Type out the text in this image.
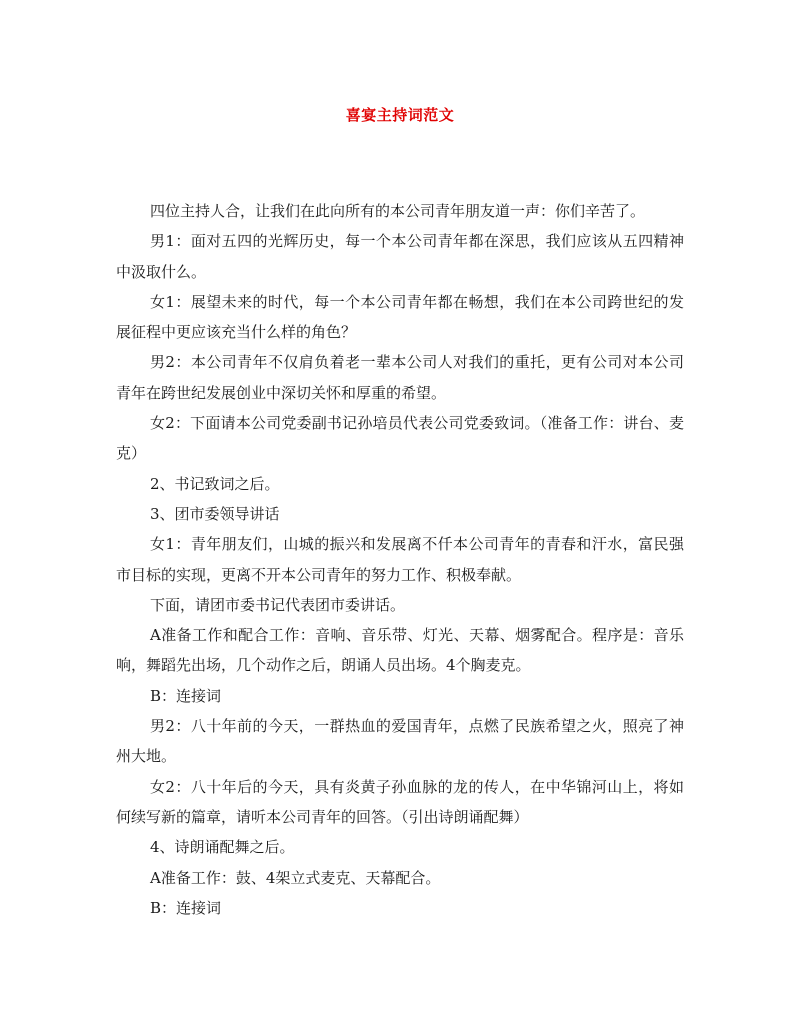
喜宴主持词范文

四位主持人合，让我们在此向所有的本公司青年朋友道一声：你们辛苦了。

男1：面对五四的光辉历史，每一个本公司青年都在深思，我们应该从五四精神中汲取什么。

女1：展望未来的时代，每一个本公司青年都在畅想，我们在本公司跨世纪的发展征程中更应该充当什么样的角色？

男2：本公司青年不仅肩负着老一辈本公司人对我们的重托，更有公司对本公司青年在跨世纪发展创业中深切关怀和厚重的希望。

女2：下面请本公司党委副书记孙培员代表公司党委致词。（准备工作：讲台、麦克）

2、书记致词之后。

3、团市委领导讲话

女1：青年朋友们，山城的振兴和发展离不仟本公司青年的青春和汗水，富民强市目标的实现，更离不开本公司青年的努力工作、积极奉献。

下面，请团市委书记代表团市委讲话。

A准备工作和配合工作：音响、音乐带、灯光、天幕、烟雾配合。程序是：音乐响，舞蹈先出场，几个动作之后，朗诵人员出场。4个胸麦克。

B：连接词

男2：八十年前的今天，一群热血的爱国青年，点燃了民族希望之火，照亮了神州大地。

女2：八十年后的今天，具有炎黄子孙血脉的龙的传人，在中华锦河山上，将如何续写新的篇章，请听本公司青年的回答。（引出诗朗诵配舞）

4、诗朗诵配舞之后。

A准备工作：鼓、4架立式麦克、天幕配合。

B：连接词
